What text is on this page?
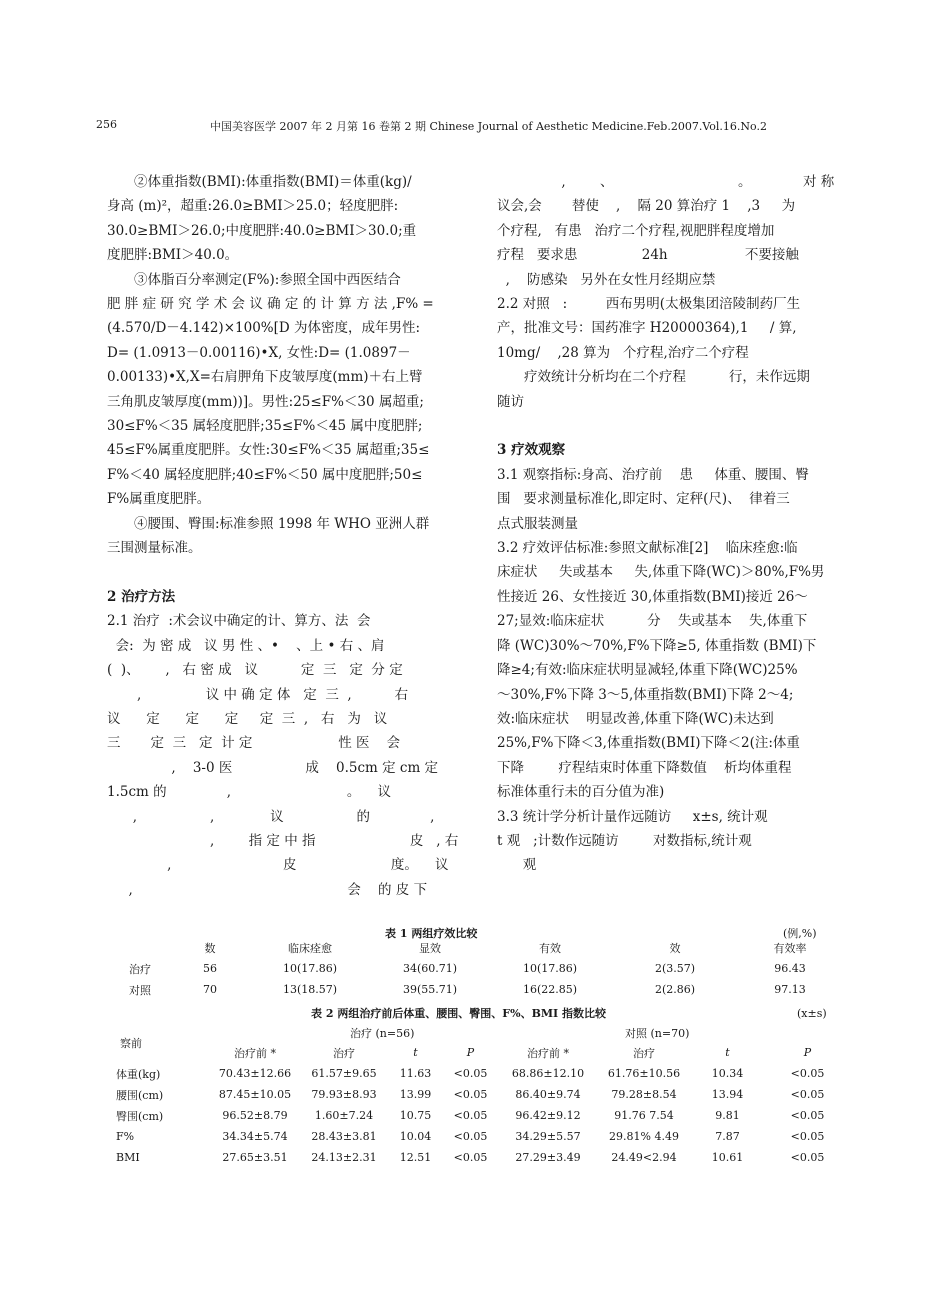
256	中国美容医学 2007 年 2 月第 16 卷第 2 期 Chinese Journal of Aesthetic Medicine.Feb.2007.Vol.16.No.2

②体重指数(BMI):体重指数(BMI)＝体重(kg)/

身高 (m)²，超重:26.0≥BMI＞25.0；轻度肥胖:

30.0≥BMI＞26.0;中度肥胖:40.0≥BMI＞30.0;重

度肥胖:BMI＞40.0。

③体脂百分率测定(F%):参照全国中西医结合

肥 胖 症 研 究 学 术 会 议 确 定 的 计 算 方 法 ,F% =

(4.570/D－4.142)×100%[D 为体密度，成年男性:

D= (1.0913－0.00116)•X, 女性:D= (1.0897－

0.00133)•X,X=右肩胛角下皮皱厚度(mm)＋右上臂

三角肌皮皱厚度(mm))]。男性:25≤F%＜30 属超重;

30≤F%＜35 属轻度肥胖;35≤F%＜45 属中度肥胖;

45≤F%属重度肥胖。女性:30≤F%＜35 属超重;35≤

F%＜40 属轻度肥胖;40≤F%＜50 属中度肥胖;50≤

F%属重度肥胖。

④腰围、臀围:标准参照 1998 年 WHO 亚洲人群

三围测量标准。

2 治疗方法

2.1 治疗  :术会议中确定的计、算方、法  会

会:  为 密 成   议 男 性 、•    、上 • 右 、肩

(  )、      ,   右 密 成   议          定  三   定  分 定

,               议 中 确 定 体   定  三  ,          右

议      定      定      定     定  三  ,   右   为   议

三       定  三   定  计 定                    性 医    会

,    3-0 医                 成    0.5cm 定 cm 定

1.5cm 的              ,                           。    议

,                 ,             议                 的              ,

,        指 定 中 指                      皮   , 右

,                          皮                      度。    议

,                                                  会    的 皮 下

,        、                             。            对 称

议会,会       替使    ,    隔 20 算治疗 1    ,3     为

个疗程,   有患   治疗二个疗程,视肥胖程度增加

疗程   要求患               24h                  不要接触

,    防感染   另外在女性月经期应禁

2.2 对照   :         西布男明(太极集团涪陵制药厂生

产，批准文号：国药准字 H20000364),1     / 算,

10mg/    ,28 算为   个疗程,治疗二个疗程

疗效统计分析均在二个疗程          行，未作远期

随访

3 疗效观察

3.1 观察指标:身高、治疗前    患     体重、腰围、臀

围   要求测量标准化,即定时、定秤(尺)、  律着三

点式服装测量

3.2 疗效评估标准:参照文献标准[2]    临床痊愈:临

床症状     失或基本     失,体重下降(WC)＞80%,F%男

性接近 26、女性接近 30,体重指数(BMI)接近 26～

27;显效:临床症状          分    失或基本    失,体重下

降 (WC)30%～70%,F%下降≥5, 体重指数 (BMI)下

降≥4;有效:临床症状明显减轻,体重下降(WC)25%

～30%,F%下降 3～5,体重指数(BMI)下降 2～4;

效:临床症状    明显改善,体重下降(WC)未达到

25%,F%下降＜3,体重指数(BMI)下降＜2(注:体重

下降        疗程结束时体重下降数值    析均体重程

标准体重行未的百分值为准)

3.3 统计学分析计量作远随访     x±s, 统计观

t 观   ;计数作远随访        对数指标,统计观

观

表 1 两组疗效比较	(例,%)
	数	临床痊愈	显效	有效	效	有效率
治疗	56	10(17.86)	34(60.71)	10(17.86)	2(3.57)	96.43
对照	70	13(18.57)	39(55.71)	16(22.85)	2(2.86)	97.13
表 2 两组治疗前后体重、腰围、臀围、F%、BMI 指数比较	(x±s)
治疗 (n=56)	对照 (n=70)
察前
	治疗前 *	治疗	t	P	治疗前 *	治疗	t	P
体重(kg)	70.43±12.66	61.57±9.65	11.63	<0.05	68.86±12.10	61.76±10.56	10.34	<0.05
腰围(cm)	87.45±10.05	79.93±8.93	13.99	<0.05	86.40±9.74	79.28±8.54	13.94	<0.05
臀围(cm)	96.52±8.79	1.60±7.24	10.75	<0.05	96.42±9.12	91.76 7.54	9.81	<0.05
F%	34.34±5.74	28.43±3.81	10.04	<0.05	34.29±5.57	29.81% 4.49	7.87	<0.05
BMI	27.65±3.51	24.13±2.31	12.51	<0.05	27.29±3.49	24.49<2.94	10.61	<0.05
